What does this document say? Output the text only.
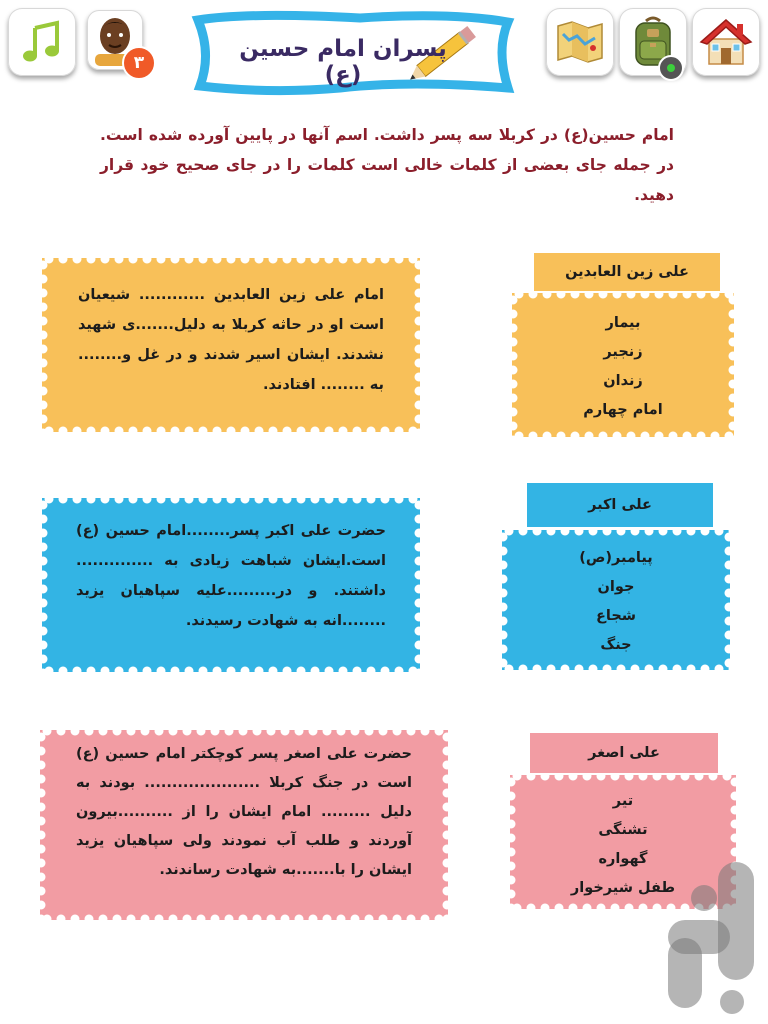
۳
پسران امام حسین (ع)

امام حسین(ع) در کربلا سه پسر داشت. اسم آنها در پایین آورده شده است. در جمله جای بعضی از کلمات خالی است کلمات را در جای صحیح خود قرار دهید.

امام علی زین العابدین ............ شیعیان است او در حاثه کربلا به دلیل.......ی شهید نشدند. ایشان اسیر شدند و در غل و........ به ........ افتادند.

علی زین العابدین
بیمار
زنجیر
زندان
امام چهارم

حضرت علی اکبر پسر........امام حسین (ع) است.ایشان شباهت زیادی به .............. داشتند. و در.........علیه سپاهیان یزید ........انه به شهادت رسیدند.

علی اکبر
پیامبر(ص)
جوان
شجاع
جنگ

حضرت علی اصغر پسر کوچکتر امام حسین (ع) است در جنگ کربلا ..................... بودند به دلیل ......... امام ایشان را از ..........بیرون آوردند و طلب آب نمودند ولی سپاهیان یزید ایشان را با.......به شهادت رساندند.

علی اصغر
تیر
تشنگی
گهواره
طفل شیرخوار
